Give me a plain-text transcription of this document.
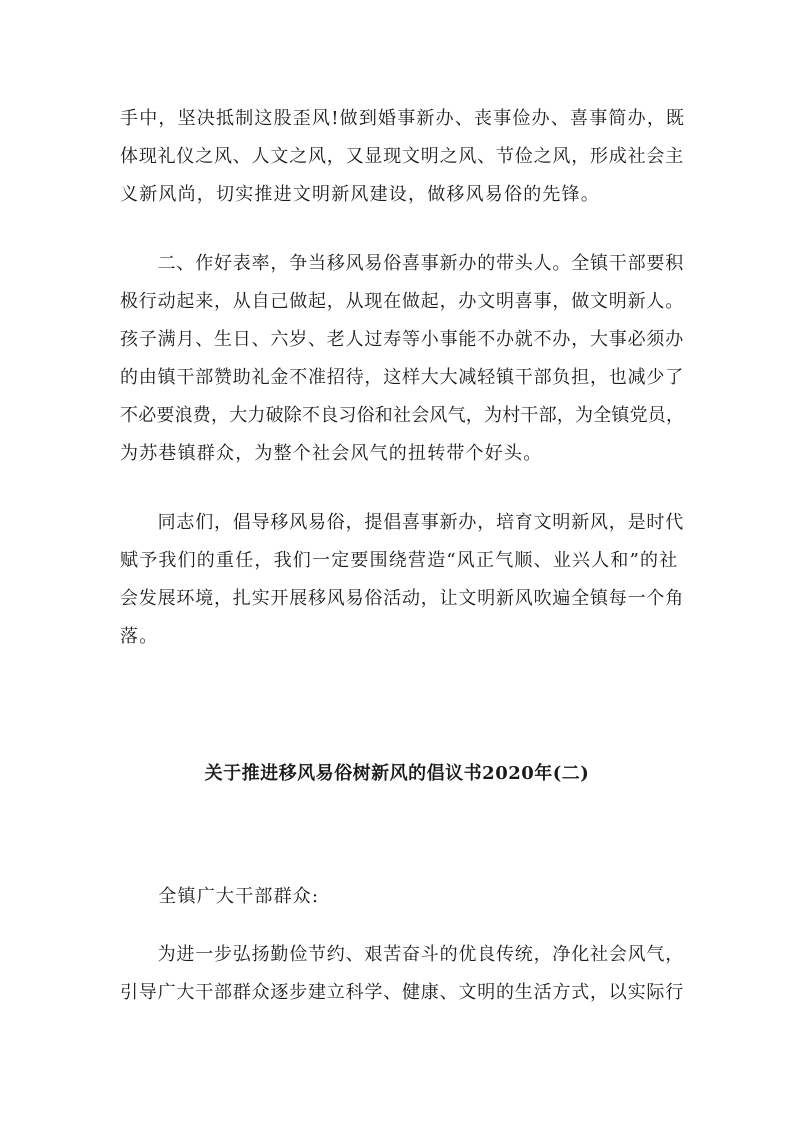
手中，坚决抵制这股歪风!做到婚事新办、丧事俭办、喜事简办，既
体现礼仪之风、人文之风，又显现文明之风、节俭之风，形成社会主
义新风尚，切实推进文明新风建设，做移风易俗的先锋。
　　二、作好表率，争当移风易俗喜事新办的带头人。全镇干部要积
极行动起来，从自己做起，从现在做起，办文明喜事，做文明新人。
孩子满月、生日、六岁、老人过寿等小事能不办就不办，大事必须办
的由镇干部赞助礼金不准招待，这样大大减轻镇干部负担，也减少了
不必要浪费，大力破除不良习俗和社会风气，为村干部，为全镇党员，
为苏巷镇群众，为整个社会风气的扭转带个好头。
　　同志们，倡导移风易俗，提倡喜事新办，培育文明新风，是时代
赋予我们的重任，我们一定要围绕营造“风正气顺、业兴人和”的社
会发展环境，扎实开展移风易俗活动，让文明新风吹遍全镇每一个角
落。
关于推进移风易俗树新风的倡议书2020年(二)
　　全镇广大干部群众:
　　为进一步弘扬勤俭节约、艰苦奋斗的优良传统，净化社会风气，
引导广大干部群众逐步建立科学、健康、文明的生活方式，以实际行
